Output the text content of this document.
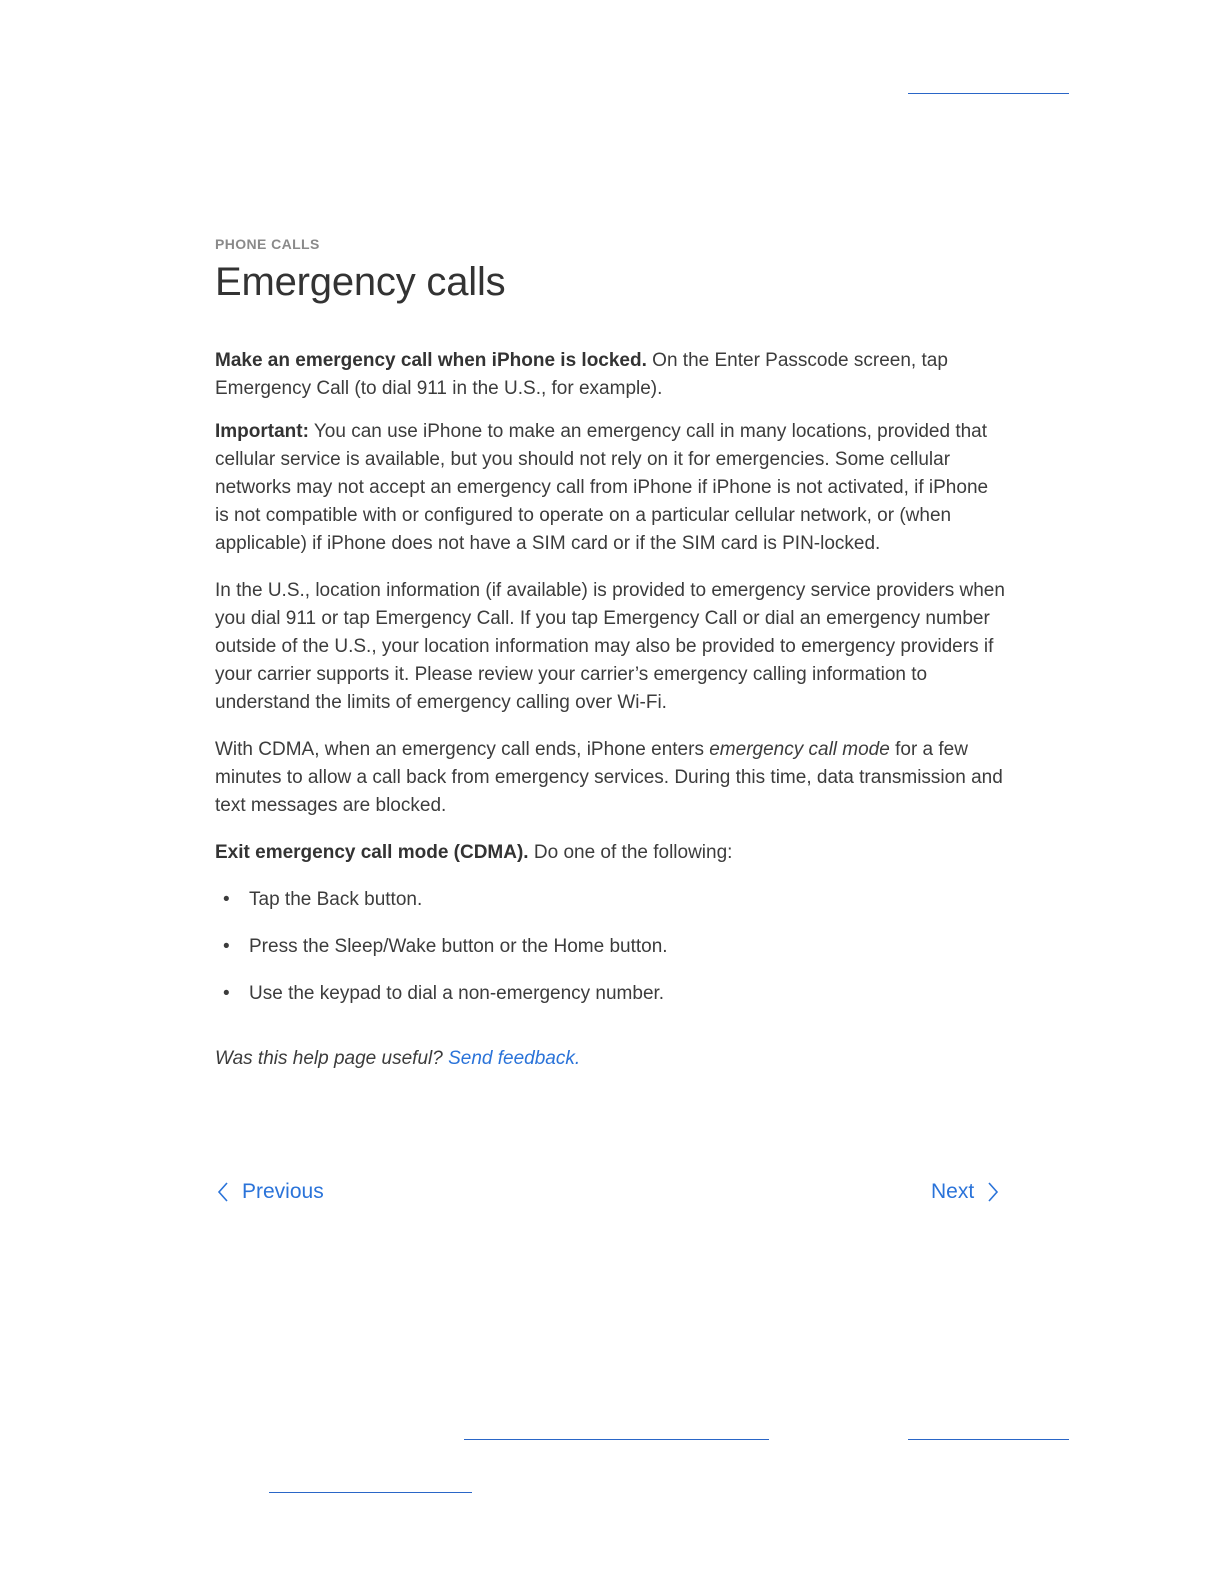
PHONE CALLS
Emergency calls

Make an emergency call when iPhone is locked. On the Enter Passcode screen, tap Emergency Call (to dial 911 in the U.S., for example).

Important: You can use iPhone to make an emergency call in many locations, provided that cellular service is available, but you should not rely on it for emergencies. Some cellular networks may not accept an emergency call from iPhone if iPhone is not activated, if iPhone is not compatible with or configured to operate on a particular cellular network, or (when applicable) if iPhone does not have a SIM card or if the SIM card is PIN-locked.

In the U.S., location information (if available) is provided to emergency service providers when you dial 911 or tap Emergency Call. If you tap Emergency Call or dial an emergency number outside of the U.S., your location information may also be provided to emergency providers if your carrier supports it. Please review your carrier’s emergency calling information to understand the limits of emergency calling over Wi-Fi.

With CDMA, when an emergency call ends, iPhone enters emergency call mode for a few minutes to allow a call back from emergency services. During this time, data transmission and text messages are blocked.

Exit emergency call mode (CDMA). Do one of the following:

• Tap the Back button.
• Press the Sleep/Wake button or the Home button.
• Use the keypad to dial a non-emergency number.
Was this help page useful? Send feedback.
Previous	Next
